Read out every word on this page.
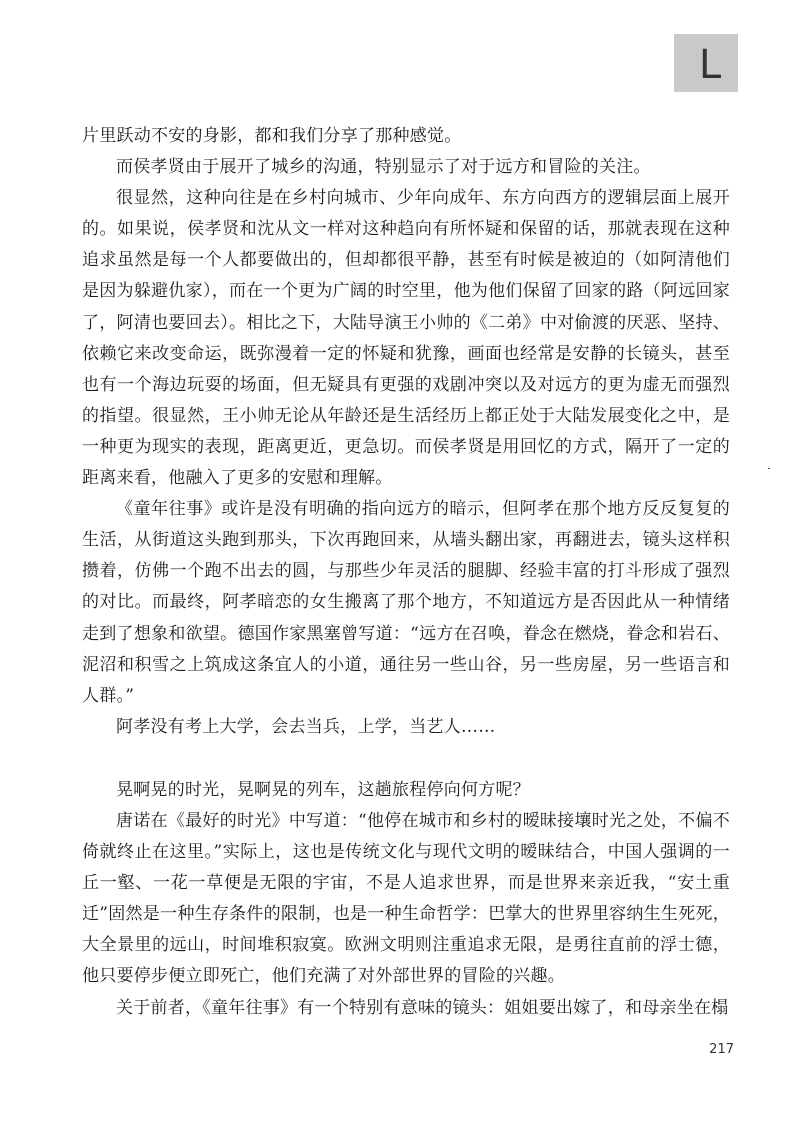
L

片里跃动不安的身影，都和我们分享了那种感觉。

而侯孝贤由于展开了城乡的沟通，特别显示了对于远方和冒险的关注。

很显然，这种向往是在乡村向城市、少年向成年、东方向西方的逻辑层面上展开的。如果说，侯孝贤和沈从文一样对这种趋向有所怀疑和保留的话，那就表现在这种追求虽然是每一个人都要做出的，但却都很平静，甚至有时候是被迫的（如阿清他们是因为躲避仇家），而在一个更为广阔的时空里，他为他们保留了回家的路（阿远回家了，阿清也要回去）。相比之下，大陆导演王小帅的《二弟》中对偷渡的厌恶、坚持、依赖它来改变命运，既弥漫着一定的怀疑和犹豫，画面也经常是安静的长镜头，甚至也有一个海边玩耍的场面，但无疑具有更强的戏剧冲突以及对远方的更为虚无而强烈的指望。很显然，王小帅无论从年龄还是生活经历上都正处于大陆发展变化之中，是一种更为现实的表现，距离更近，更急切。而侯孝贤是用回忆的方式，隔开了一定的距离来看，他融入了更多的安慰和理解。

《童年往事》或许是没有明确的指向远方的暗示，但阿孝在那个地方反反复复的生活，从街道这头跑到那头，下次再跑回来，从墙头翻出家，再翻进去，镜头这样积攒着，仿佛一个跑不出去的圆，与那些少年灵活的腿脚、经验丰富的打斗形成了强烈的对比。而最终，阿孝暗恋的女生搬离了那个地方，不知道远方是否因此从一种情绪走到了想象和欲望。德国作家黑塞曾写道：“远方在召唤，眷念在燃烧，眷念和岩石、泥沼和积雪之上筑成这条宜人的小道，通往另一些山谷，另一些房屋，另一些语言和人群。”

阿孝没有考上大学，会去当兵，上学，当艺人……

晃啊晃的时光，晃啊晃的列车，这趟旅程停向何方呢？

唐诺在《最好的时光》中写道：“他停在城市和乡村的暧昧接壤时光之处，不偏不倚就终止在这里。”实际上，这也是传统文化与现代文明的暧昧结合，中国人强调的一丘一壑、一花一草便是无限的宇宙，不是人追求世界，而是世界来亲近我，“安土重迁”固然是一种生存条件的限制，也是一种生命哲学：巴掌大的世界里容纳生生死死，大全景里的远山，时间堆积寂寞。欧洲文明则注重追求无限，是勇往直前的浮士德，他只要停步便立即死亡，他们充满了对外部世界的冒险的兴趣。

关于前者，《童年往事》有一个特别有意味的镜头：姐姐要出嫁了，和母亲坐在榻

217
